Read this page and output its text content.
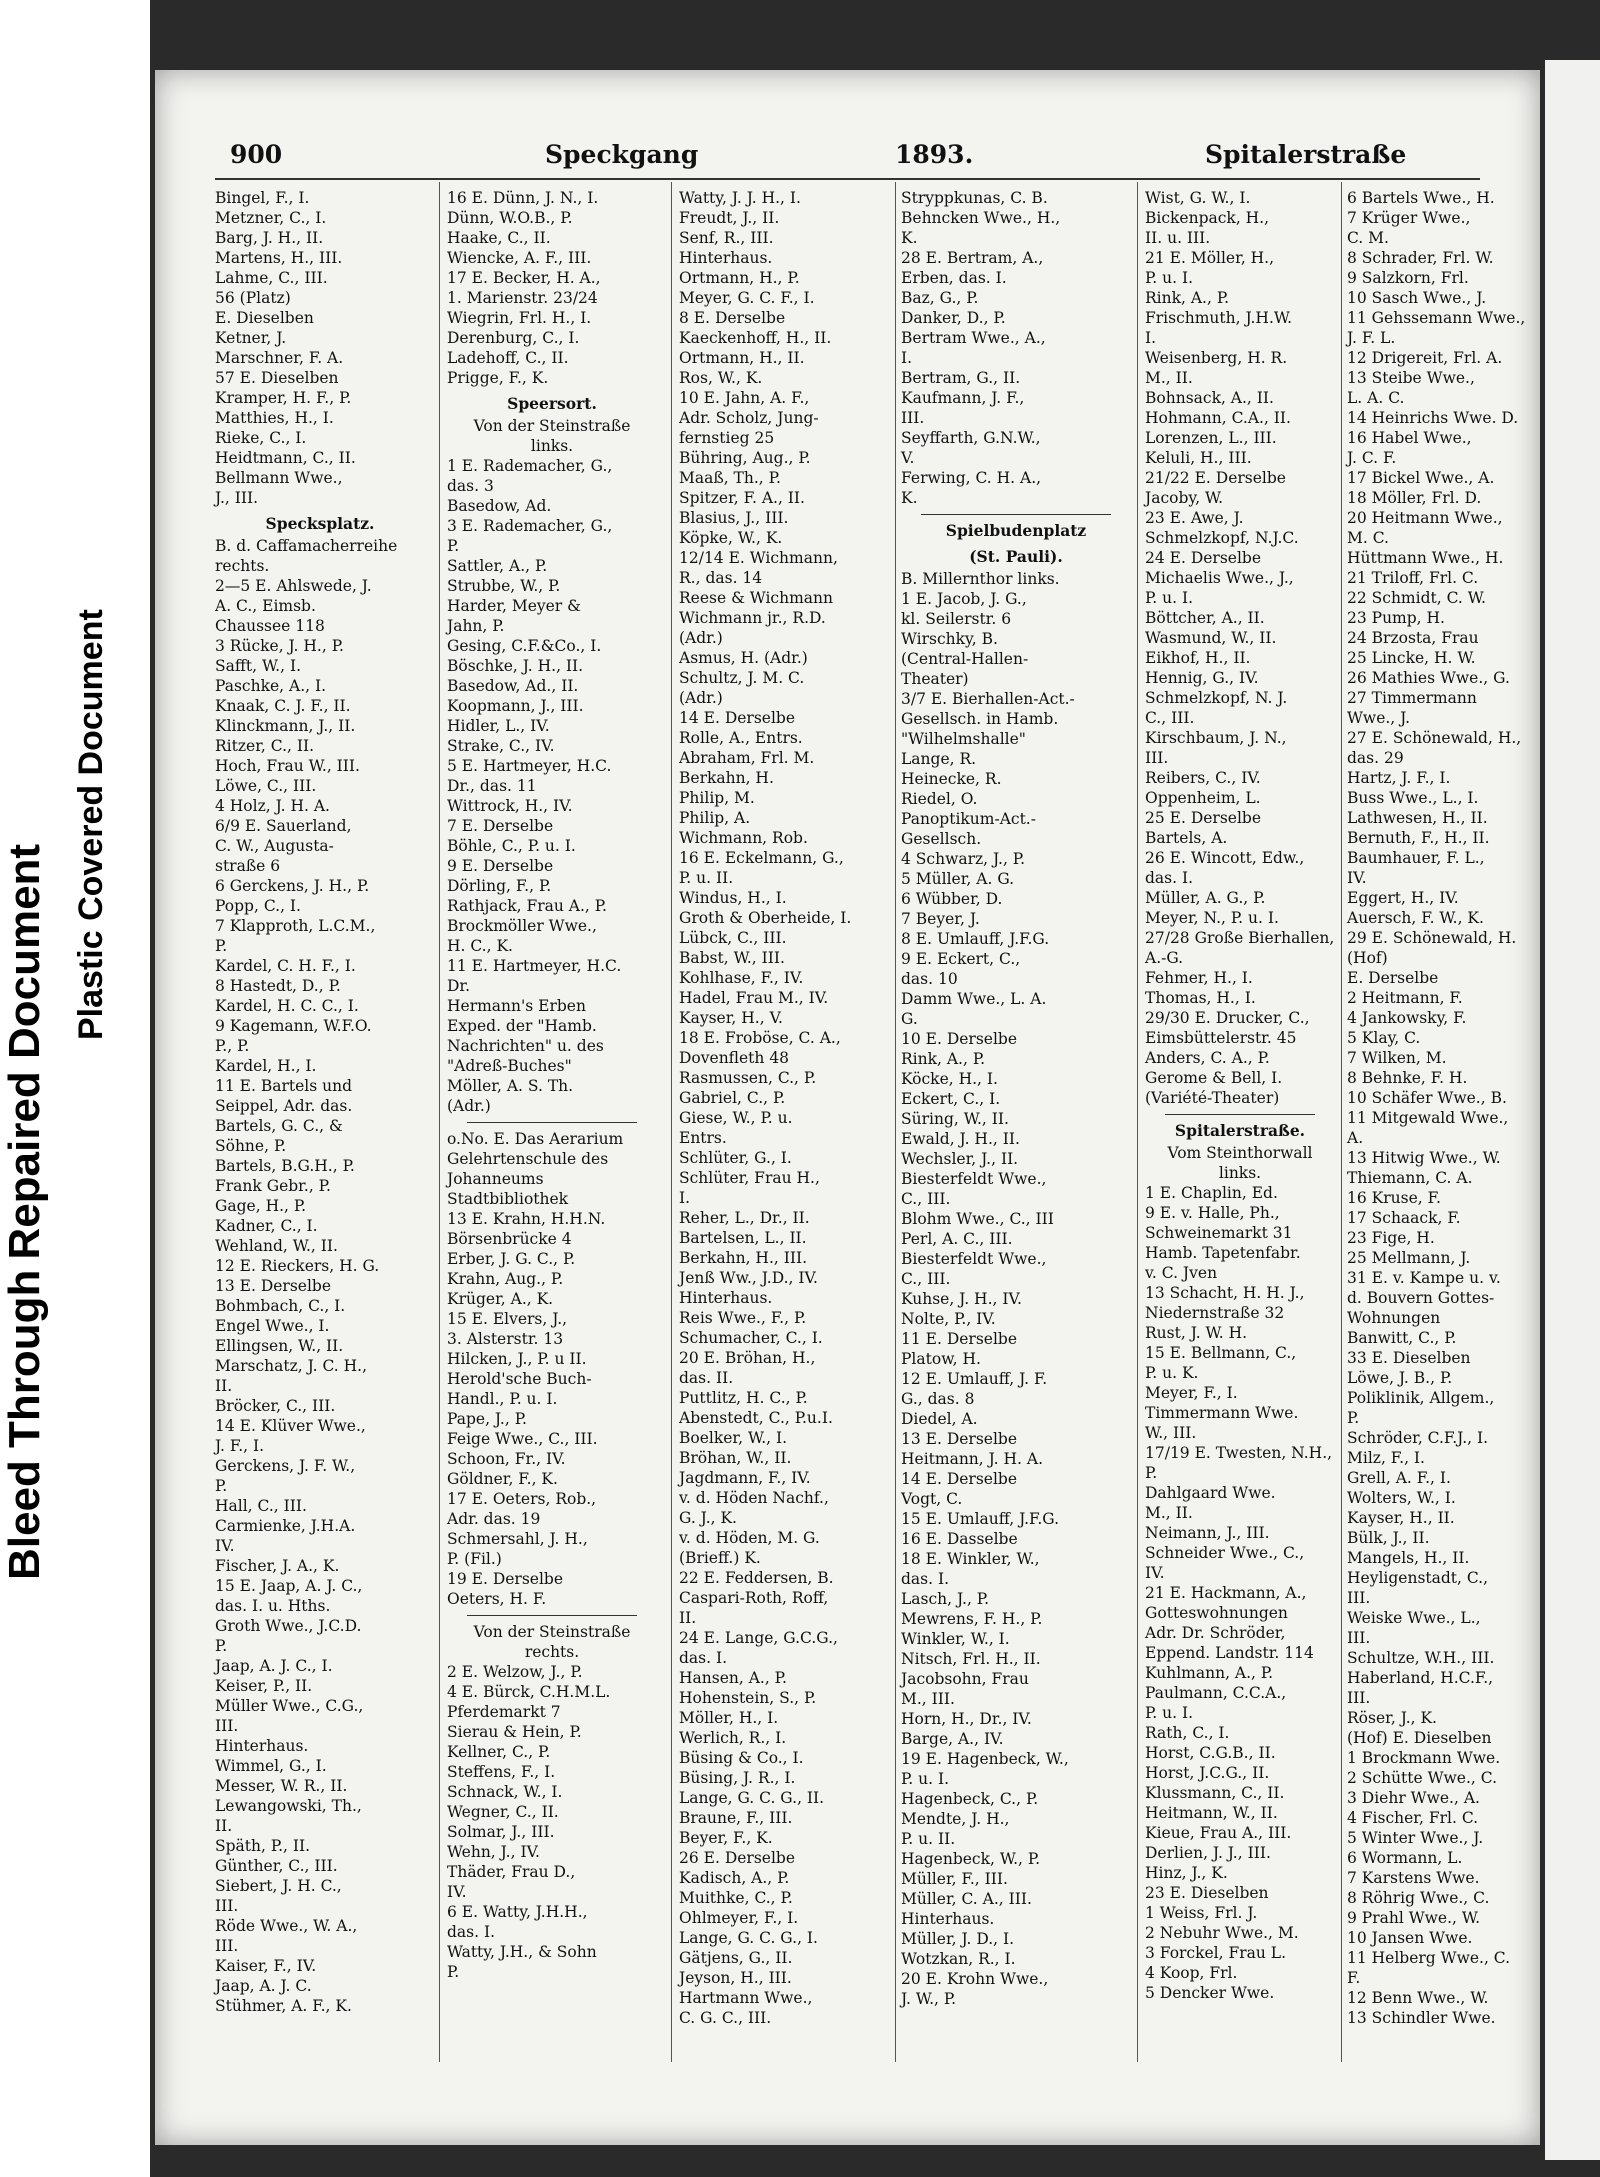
Bleed ThroughRepaired Document
Plastic Covered Document
900	Speckgang	1893.	Spitalerstraße
Bingel, F., I.
Metzner, C., I.
Barg, J. H., II.
Martens, H., III.
Lahme, C., III.
56 (Platz)
E. Dieselben
Ketner, J.
Marschner, F. A.
57 E. Dieselben
Kramper, H. F., P.
Matthies, H., I.
Rieke, C., I.
Heidtmann, C., II.
Bellmann Wwe.,
J., III.
Specksplatz.
B. d. Caffamacherreihe
rechts.
2—5 E. Ahlswede, J.
A. C., Eimsb.
Chaussee 118
3 Rücke, J. H., P.
Safft, W., I.
Paschke, A., I.
Knaak, C. J. F., II.
Klinckmann, J., II.
Ritzer, C., II.
Hoch, Frau W., III.
Löwe, C., III.
4 Holz, J. H. A.
6/9 E. Sauerland,
C. W., Augusta-
straße 6
6 Gerckens, J. H., P.
Popp, C., I.
7 Klapproth, L.C.M.,
P.
Kardel, C. H. F., I.
8 Hastedt, D., P.
Kardel, H. C. C., I.
9 Kagemann, W.F.O.
P., P.
Kardel, H., I.
11 E. Bartels und
Seippel, Adr. das.
Bartels, G. C., &
Söhne, P.
Bartels, B.G.H., P.
Frank Gebr., P.
Gage, H., P.
Kadner, C., I.
Wehland, W., II.
12 E. Rieckers, H. G.
13 E. Derselbe
Bohmbach, C., I.
Engel Wwe., I.
Ellingsen, W., II.
Marschatz, J. C. H.,
II.
Bröcker, C., III.
14 E. Klüver Wwe.,
J. F., I.
Gerckens, J. F. W.,
P.
Hall, C., III.
Carmienke, J.H.A.
IV.
Fischer, J. A., K.
15 E. Jaap, A. J. C.,
das. I. u. Hths.
Groth Wwe., J.C.D.
P.
Jaap, A. J. C., I.
Keiser, P., II.
Müller Wwe., C.G.,
III.
Hinterhaus.
Wimmel, G., I.
Messer, W. R., II.
Lewangowski, Th.,
II.
Späth, P., II.
Günther, C., III.
Siebert, J. H. C.,
III.
Röde Wwe., W. A.,
III.
Kaiser, F., IV.
Jaap, A. J. C.
Stühmer, A. F., K.
16 E. Dünn, J. N., I.
Dünn, W.O.B., P.
Haake, C., II.
Wiencke, A. F., III.
17 E. Becker, H. A.,
1. Marienstr. 23/24
Wiegrin, Frl. H., I.
Derenburg, C., I.
Ladehoff, C., II.
Prigge, F., K.
Speersort.
Von der Steinstraße
links.
1 E. Rademacher, G.,
das. 3
Basedow, Ad.
3 E. Rademacher, G.,
P.
Sattler, A., P.
Strubbe, W., P.
Harder, Meyer &
Jahn, P.
Gesing, C.F.&Co., I.
Böschke, J. H., II.
Basedow, Ad., II.
Koopmann, J., III.
Hidler, L., IV.
Strake, C., IV.
5 E. Hartmeyer, H.C.
Dr., das. 11
Wittrock, H., IV.
7 E. Derselbe
Böhle, C., P. u. I.
9 E. Derselbe
Dörling, F., P.
Rathjack, Frau A., P.
Brockmöller Wwe.,
H. C., K.
11 E. Hartmeyer, H.C.
Dr.
Hermann's Erben
Exped. der "Hamb.
Nachrichten" u. des
"Adreß-Buches"
Möller, A. S. Th.
(Adr.)
o.No. E. Das Aerarium
Gelehrtenschule des
Johanneums
Stadtbibliothek
13 E. Krahn, H.H.N.
Börsenbrücke 4
Erber, J. G. C., P.
Krahn, Aug., P.
Krüger, A., K.
15 E. Elvers, J.,
3. Alsterstr. 13
Hilcken, J., P. u II.
Herold'sche Buch-
Handl., P. u. I.
Pape, J., P.
Feige Wwe., C., III.
Schoon, Fr., IV.
Göldner, F., K.
17 E. Oeters, Rob.,
Adr. das. 19
Schmersahl, J. H.,
P. (Fil.)
19 E. Derselbe
Oeters, H. F.
Von der Steinstraße
rechts.
2 E. Welzow, J., P.
4 E. Bürck, C.H.M.L.
Pferdemarkt 7
Sierau & Hein, P.
Kellner, C., P.
Steffens, F., I.
Schnack, W., I.
Wegner, C., II.
Solmar, J., III.
Wehn, J., IV.
Thäder, Frau D.,
IV.
6 E. Watty, J.H.H.,
das. I.
Watty, J.H., & Sohn
P.
Watty, J. J. H., I.
Freudt, J., II.
Senf, R., III.
Hinterhaus.
Ortmann, H., P.
Meyer, G. C. F., I.
8 E. Derselbe
Kaeckenhoff, H., II.
Ortmann, H., II.
Ros, W., K.
10 E. Jahn, A. F.,
Adr. Scholz, Jung-
fernstieg 25
Bühring, Aug., P.
Maaß, Th., P.
Spitzer, F. A., II.
Blasius, J., III.
Köpke, W., K.
12/14 E. Wichmann,
R., das. 14
Reese & Wichmann
Wichmann jr., R.D.
(Adr.)
Asmus, H. (Adr.)
Schultz, J. M. C.
(Adr.)
14 E. Derselbe
Rolle, A., Entrs.
Abraham, Frl. M.
Berkahn, H.
Philip, M.
Philip, A.
Wichmann, Rob.
16 E. Eckelmann, G.,
P. u. II.
Windus, H., I.
Groth & Oberheide, I.
Lübck, C., III.
Babst, W., III.
Kohlhase, F., IV.
Hadel, Frau M., IV.
Kayser, H., V.
18 E. Froböse, C. A.,
Dovenfleth 48
Rasmussen, C., P.
Gabriel, C., P.
Giese, W., P. u.
Entrs.
Schlüter, G., I.
Schlüter, Frau H.,
I.
Reher, L., Dr., II.
Bartelsen, L., II.
Berkahn, H., III.
Jenß Ww., J.D., IV.
Hinterhaus.
Reis Wwe., F., P.
Schumacher, C., I.
20 E. Bröhan, H.,
das. II.
Puttlitz, H. C., P.
Abenstedt, C., P.u.I.
Boelker, W., I.
Bröhan, W., II.
Jagdmann, F., IV.
v. d. Höden Nachf.,
G. J., K.
v. d. Höden, M. G.
(Brieff.) K.
22 E. Feddersen, B.
Caspari-Roth, Roff,
II.
24 E. Lange, G.C.G.,
das. I.
Hansen, A., P.
Hohenstein, S., P.
Möller, H., I.
Werlich, R., I.
Büsing & Co., I.
Büsing, J. R., I.
Lange, G. C. G., II.
Braune, F., III.
Beyer, F., K.
26 E. Derselbe
Kadisch, A., P.
Muithke, C., P.
Ohlmeyer, F., I.
Lange, G. C. G., I.
Gätjens, G., II.
Jeyson, H., III.
Hartmann Wwe.,
C. G. C., III.
Stryppkunas, C. B.
Behncken Wwe., H.,
K.
28 E. Bertram, A.,
Erben, das. I.
Baz, G., P.
Danker, D., P.
Bertram Wwe., A.,
I.
Bertram, G., II.
Kaufmann, J. F.,
III.
Seyffarth, G.N.W.,
V.
Ferwing, C. H. A.,
K.
Spielbudenplatz
(St. Pauli).
B. Millernthor links.
1 E. Jacob, J. G.,
kl. Seilerstr. 6
Wirschky, B.
(Central-Hallen-
Theater)
3/7 E. Bierhallen-Act.-
Gesellsch. in Hamb.
"Wilhelmshalle"
Lange, R.
Heinecke, R.
Riedel, O.
Panoptikum-Act.-
Gesellsch.
4 Schwarz, J., P.
5 Müller, A. G.
6 Wübber, D.
7 Beyer, J.
8 E. Umlauff, J.F.G.
9 E. Eckert, C.,
das. 10
Damm Wwe., L. A.
G.
10 E. Derselbe
Rink, A., P.
Köcke, H., I.
Eckert, C., I.
Süring, W., II.
Ewald, J. H., II.
Wechsler, J., II.
Biesterfeldt Wwe.,
C., III.
Blohm Wwe., C., III
Perl, A. C., III.
Biesterfeldt Wwe.,
C., III.
Kuhse, J. H., IV.
Nolte, P., IV.
11 E. Derselbe
Platow, H.
12 E. Umlauff, J. F.
G., das. 8
Diedel, A.
13 E. Derselbe
Heitmann, J. H. A.
14 E. Derselbe
Vogt, C.
15 E. Umlauff, J.F.G.
16 E. Dasselbe
18 E. Winkler, W.,
das. I.
Lasch, J., P.
Mewrens, F. H., P.
Winkler, W., I.
Nitsch, Frl. H., II.
Jacobsohn, Frau
M., III.
Horn, H., Dr., IV.
Barge, A., IV.
19 E. Hagenbeck, W.,
P. u. I.
Hagenbeck, C., P.
Mendte, J. H.,
P. u. II.
Hagenbeck, W., P.
Müller, F., III.
Müller, C. A., III.
Hinterhaus.
Müller, J. D., I.
Wotzkan, R., I.
20 E. Krohn Wwe.,
J. W., P.
Wist, G. W., I.
Bickenpack, H.,
II. u. III.
21 E. Möller, H.,
P. u. I.
Rink, A., P.
Frischmuth, J.H.W.
I.
Weisenberg, H. R.
M., II.
Bohnsack, A., II.
Hohmann, C.A., II.
Lorenzen, L., III.
Keluli, H., III.
21/22 E. Derselbe
Jacoby, W.
23 E. Awe, J.
Schmelzkopf, N.J.C.
24 E. Derselbe
Michaelis Wwe., J.,
P. u. I.
Böttcher, A., II.
Wasmund, W., II.
Eikhof, H., II.
Hennig, G., IV.
Schmelzkopf, N. J.
C., III.
Kirschbaum, J. N.,
III.
Reibers, C., IV.
Oppenheim, L.
25 E. Derselbe
Bartels, A.
26 E. Wincott, Edw.,
das. I.
Müller, A. G., P.
Meyer, N., P. u. I.
27/28 Große Bierhallen,
A.-G.
Fehmer, H., I.
Thomas, H., I.
29/30 E. Drucker, C.,
Eimsbüttelerstr. 45
Anders, C. A., P.
Gerome & Bell, I.
(Variété-Theater)
Spitalerstraße.
Vom Steinthorwall
links.
1 E. Chaplin, Ed.
9 E. v. Halle, Ph.,
Schweinemarkt 31
Hamb. Tapetenfabr.
v. C. Jven
13 Schacht, H. H. J.,
Niedernstraße 32
Rust, J. W. H.
15 E. Bellmann, C.,
P. u. K.
Meyer, F., I.
Timmermann Wwe.
W., III.
17/19 E. Twesten, N.H.,
P.
Dahlgaard Wwe.
M., II.
Neimann, J., III.
Schneider Wwe., C.,
IV.
21 E. Hackmann, A.,
Gotteswohnungen
Adr. Dr. Schröder,
Eppend. Landstr. 114
Kuhlmann, A., P.
Paulmann, C.C.A.,
P. u. I.
Rath, C., I.
Horst, C.G.B., II.
Horst, J.C.G., II.
Klussmann, C., II.
Heitmann, W., II.
Kieue, Frau A., III.
Derlien, J. J., III.
Hinz, J., K.
23 E. Dieselben
1 Weiss, Frl. J.
2 Nebuhr Wwe., M.
3 Forckel, Frau L.
4 Koop, Frl.
5 Dencker Wwe.
6 Bartels Wwe., H.
7 Krüger Wwe.,
C. M.
8 Schrader, Frl. W.
9 Salzkorn, Frl.
10 Sasch Wwe., J.
11 Gehssemann Wwe.,
J. F. L.
12 Drigereit, Frl. A.
13 Steibe Wwe.,
L. A. C.
14 Heinrichs Wwe. D.
16 Habel Wwe.,
J. C. F.
17 Bickel Wwe., A.
18 Möller, Frl. D.
20 Heitmann Wwe.,
M. C.
Hüttmann Wwe., H.
21 Triloff, Frl. C.
22 Schmidt, C. W.
23 Pump, H.
24 Brzosta, Frau
25 Lincke, H. W.
26 Mathies Wwe., G.
27 Timmermann
Wwe., J.
27 E. Schönewald, H.,
das. 29
Hartz, J. F., I.
Buss Wwe., L., I.
Lathwesen, H., II.
Bernuth, F., H., II.
Baumhauer, F. L.,
IV.
Eggert, H., IV.
Auersch, F. W., K.
29 E. Schönewald, H.
(Hof)
E. Derselbe
2 Heitmann, F.
4 Jankowsky, F.
5 Klay, C.
7 Wilken, M.
8 Behnke, F. H.
10 Schäfer Wwe., B.
11 Mitgewald Wwe.,
A.
13 Hitwig Wwe., W.
Thiemann, C. A.
16 Kruse, F.
17 Schaack, F.
23 Fige, H.
25 Mellmann, J.
31 E. v. Kampe u. v.
d. Bouvern Gottes-
Wohnungen
Banwitt, C., P.
33 E. Dieselben
Löwe, J. B., P.
Poliklinik, Allgem.,
P.
Schröder, C.F.J., I.
Milz, F., I.
Grell, A. F., I.
Wolters, W., I.
Kayser, H., II.
Bülk, J., II.
Mangels, H., II.
Heyligenstadt, C.,
III.
Weiske Wwe., L.,
III.
Schultze, W.H., III.
Haberland, H.C.F.,
III.
Röser, J., K.
(Hof) E. Dieselben
1 Brockmann Wwe.
2 Schütte Wwe., C.
3 Diehr Wwe., A.
4 Fischer, Frl. C.
5 Winter Wwe., J.
6 Wormann, L.
7 Karstens Wwe.
8 Röhrig Wwe., C.
9 Prahl Wwe., W.
10 Jansen Wwe.
11 Helberg Wwe., C.
F.
12 Benn Wwe., W.
13 Schindler Wwe.
